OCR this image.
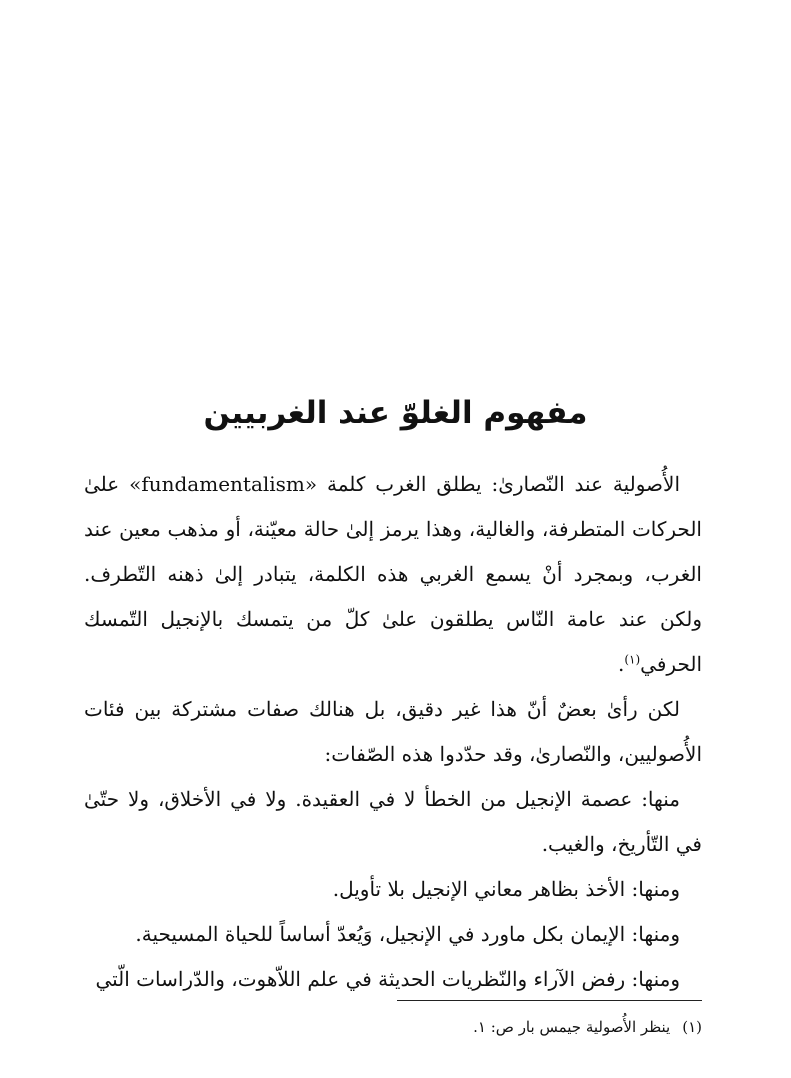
مفهوم الغلوّ عند الغربيين

الأُصولية عند النّصارىٰ: يطلق الغرب كلمة «fundamentalism» علىٰ الحركات المتطرفة، والغالية، وهذا يرمز إلىٰ حالة معيّنة، أو مذهب معين عند الغرب، وبمجرد أنْ يسمع الغربي هذه الكلمة، يتبادر إلىٰ ذهنه التّطرف. ولكن عند عامة النّاس يطلقون علىٰ كلّ من يتمسك بالإنجيل التّمسك الحرفي$^{(١)}$.

لكن رأىٰ بعضٌ أنّ هذا غير دقيق، بل هنالك صفات مشتركة بين فئات الأُصوليين، والنّصارىٰ، وقد حدّدوا هذه الصّفات:

منها: عصمة الإنجيل من الخطأ لا في العقيدة. ولا في الأخلاق، ولا حتّىٰ في التّأريخ، والغيب.

ومنها: الأخذ بظاهر معاني الإنجيل بلا تأويل.

ومنها: الإيمان بكل ماورد في الإنجيل، وَيُعدّ أساساً للحياة المسيحية.

ومنها: رفض الآراء والنّظريات الحديثة في علم اللاّهوت، والدّراسات الّتي

(١)ينظر الأُصولية جيمس بار ص: ١.
